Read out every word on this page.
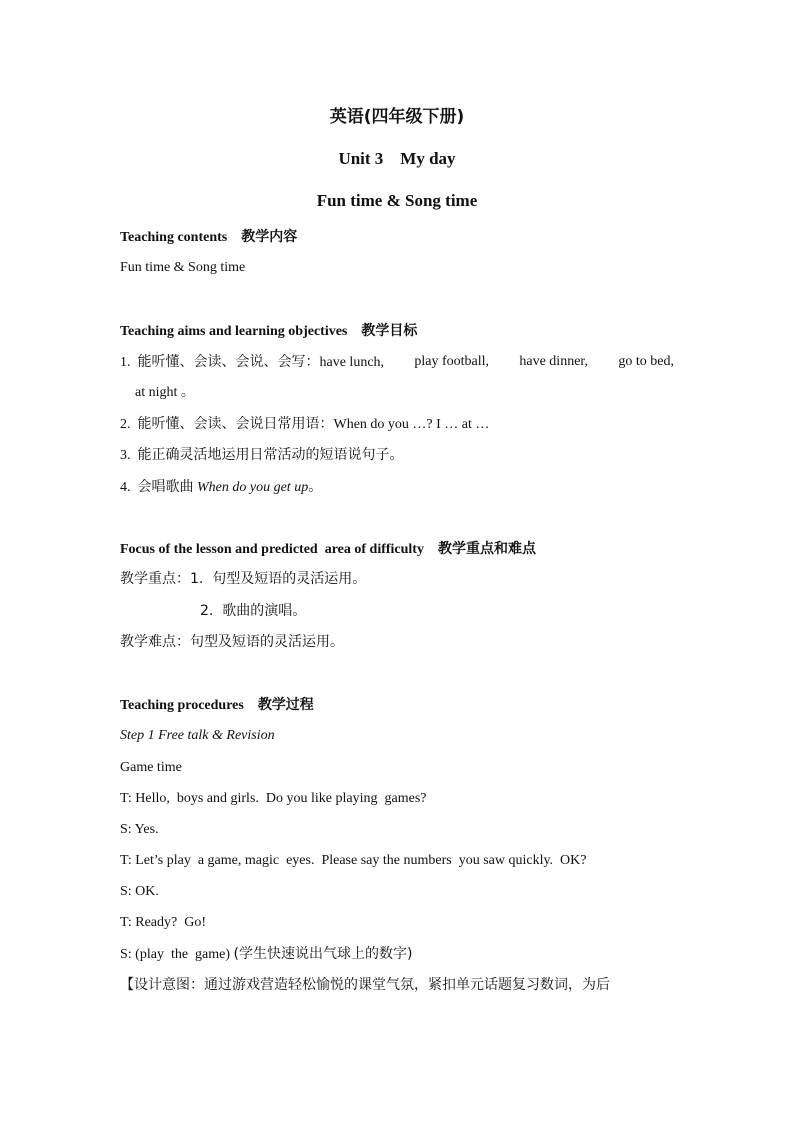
英语(四年级下册)
Unit 3    My day
Fun time & Song time
Teaching contents 教学内容
Fun time & Song time
Teaching aims and learning objectives 教学目标
1. 能听懂、会读、会说、会写：have lunch, play football, have dinner, go to bed,
at night 。
2. 能听懂、会读、会说日常用语：When do you …? I … at …
3. 能正确灵活地运用日常活动的短语说句子。
4. 会唱歌曲 When do you get up。
Focus of the lesson and predicted  area of difficulty 教学重点和难点
教学重点：1.  句型及短语的灵活运用。
2.  歌曲的演唱。
教学难点：句型及短语的灵活运用。
Teaching procedures 教学过程
Step 1 Free talk & Revision
Game time
T: Hello,  boys and girls.  Do you like playing  games?
S: Yes.
T: Let’s play  a game, magic  eyes.  Please say the numbers  you saw quickly.  OK?
S: OK.
T: Ready?  Go!
S: (play  the  game) (学生快速说出气球上的数字)
【设计意图：通过游戏营造轻松愉悦的课堂气氛，紧扣单元话题复习数词，为后
